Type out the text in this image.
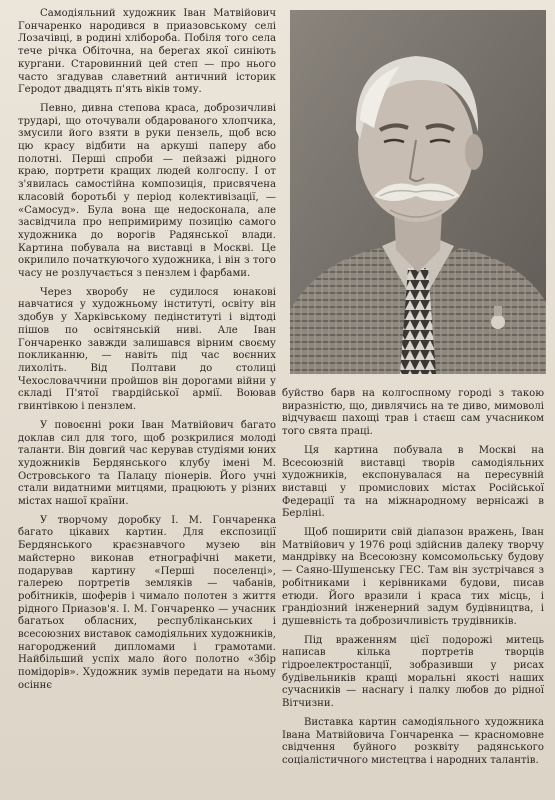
Самодіяльний художник Іван Матвійович Гончаренко народився в приазовському селі Лозачівці, в родині хлібороба. Побіля того села тече річка Обіточна, на берегах якої синіють кургани. Старовинний цей степ — про нього часто згадував славетний античний історик Геродот двадцять п'ять віків тому.

Певно, дивна степова краса, доброзичливі трударі, що оточували обдарованого хлопчика, змусили його взяти в руки пензель, щоб всю цю красу відбити на аркуші паперу або полотні. Перші спроби — пейзажі рідного краю, портрети кращих людей колгоспу. І от з'явилась самостійна композиція, присвячена класовій боротьбі у період колективізації, — «Самосуд». Була вона ще недосконала, але засвідчила про непримириму позицію самого художника до ворогів Радянської влади. Картина побувала на виставці в Москві. Це окрилило початкуючого художника, і він з того часу не розлучається з пензлем і фарбами.

Через хворобу не судилося юнакові навчатися у художньому інституті, освіту він здобув у Харківському педінституті і відтоді пішов по освітянській ниві. Але Іван Гончаренко завжди залишався вірним своєму покликанню, — навіть під час воєнних лихоліть. Від Полтави до столиці Чехословаччини пройшов він дорогами війни у складі П'ятої гвардійської армії. Воював гвинтівкою і пензлем.

У повоєнні роки Іван Матвійович багато доклав сил для того, щоб розкрилися молоді таланти. Він довгий час керував студіями юних художників Бердянського клубу імені М. Островського та Палацу піонерів. Його учні стали видатними митцями, працюють у різних містах нашої країни.

У творчому доробку І. М. Гончаренка багато цікавих картин. Для експозиції Бердянського краєзнавчого музею він майстерно виконав етнографічні макети, подарував картину «Перші поселенці», галерею портретів земляків — чабанів, робітників, шоферів і чимало полотен з життя рідного Приазов'я. І. М. Гончаренко — учасник багатьох обласних, республіканських і всесоюзних виставок самодіяльних художників, нагороджений дипломами і грамотами. Найбільший успіх мало його полотно «Збір помідорів». Художник зумів передати на ньому осіннє

буйство барв на колгоспному городі з такою виразністю, що, дивлячись на те диво, мимоволі відчуваєш пахощі трав і стаєш сам учасником того свята праці.

Ця картина побувала в Москві на Всесоюзній виставці творів самодіяльних художників, експонувалася на пересувній виставці у промислових містах Російської Федерації та на міжнародному вернісажі в Берліні.

Щоб поширити свій діапазон вражень, Іван Матвійович у 1976 році здійснив далеку творчу мандрівку на Всесоюзну комсомольську будову — Саяно-Шушенську ГЕС. Там він зустрічався з робітниками і керівниками будови, писав етюди. Його вразили і краса тих місць, і грандіозний інженерний задум будівництва, і душевність та доброзичливість трудівників.

Під враженням цієї подорожі митець написав кілька портретів творців гідроелектростанції, зобразивши у рисах будівельників кращі моральні якості наших сучасників — наснагу і палку любов до рідної Вітчизни.

Виставка картин самодіяльного художника Івана Матвійовича Гончаренка — красномовне свідчення буйного розквіту радянського соціалістичного мистецтва і народних талантів.
